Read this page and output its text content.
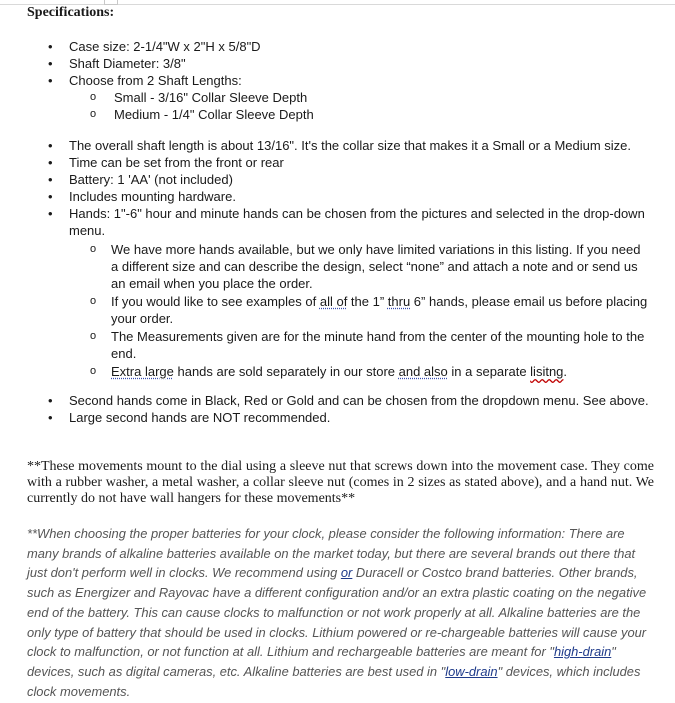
Specifications:
• Case size: 2-1/4"W x 2"H x 5/8"D
• Shaft Diameter: 3/8"
• Choose from 2 Shaft Lengths:
o Small - 3/16" Collar Sleeve Depth
o Medium - 1/4" Collar Sleeve Depth
• The overall shaft length is about 13/16". It's the collar size that makes it a Small or a Medium size.
• Time can be set from the front or rear
• Battery: 1 'AA' (not included)
• Includes mounting hardware.
• Hands: 1"-6" hour and minute hands can be chosen from the pictures and selected in the drop-down menu.
o We have more hands available, but we only have limited variations in this listing. If you need a different size and can describe the design, select “none” and attach a note and or send us an email when you place the order.
o If you would like to see examples of all of the 1” thru 6” hands, please email us before placing your order.
o The Measurements given are for the minute hand from the center of the mounting hole to the end.
o Extra large hands are sold separately in our store and also in a separate lisitng.
• Second hands come in Black, Red or Gold and can be chosen from the dropdown menu. See above.
• Large second hands are NOT recommended.
**These movements mount to the dial using a sleeve nut that screws down into the movement case. They come with a rubber washer, a metal washer, a collar sleeve nut (comes in 2 sizes as stated above), and a hand nut. We currently do not have wall hangers for these movements**
**When choosing the proper batteries for your clock, please consider the following information: There are many brands of alkaline batteries available on the market today, but there are several brands out there that just don't perform well in clocks. We recommend using or Duracell or Costco brand batteries. Other brands, such as Energizer and Rayovac have a different configuration and/or an extra plastic coating on the negative end of the battery. This can cause clocks to malfunction or not work properly at all. Alkaline batteries are the only type of battery that should be used in clocks. Lithium powered or re-chargeable batteries will cause your clock to malfunction, or not function at all. Lithium and rechargeable batteries are meant for "high-drain" devices, such as digital cameras, etc. Alkaline batteries are best used in "low-drain" devices, which includes clock movements.
